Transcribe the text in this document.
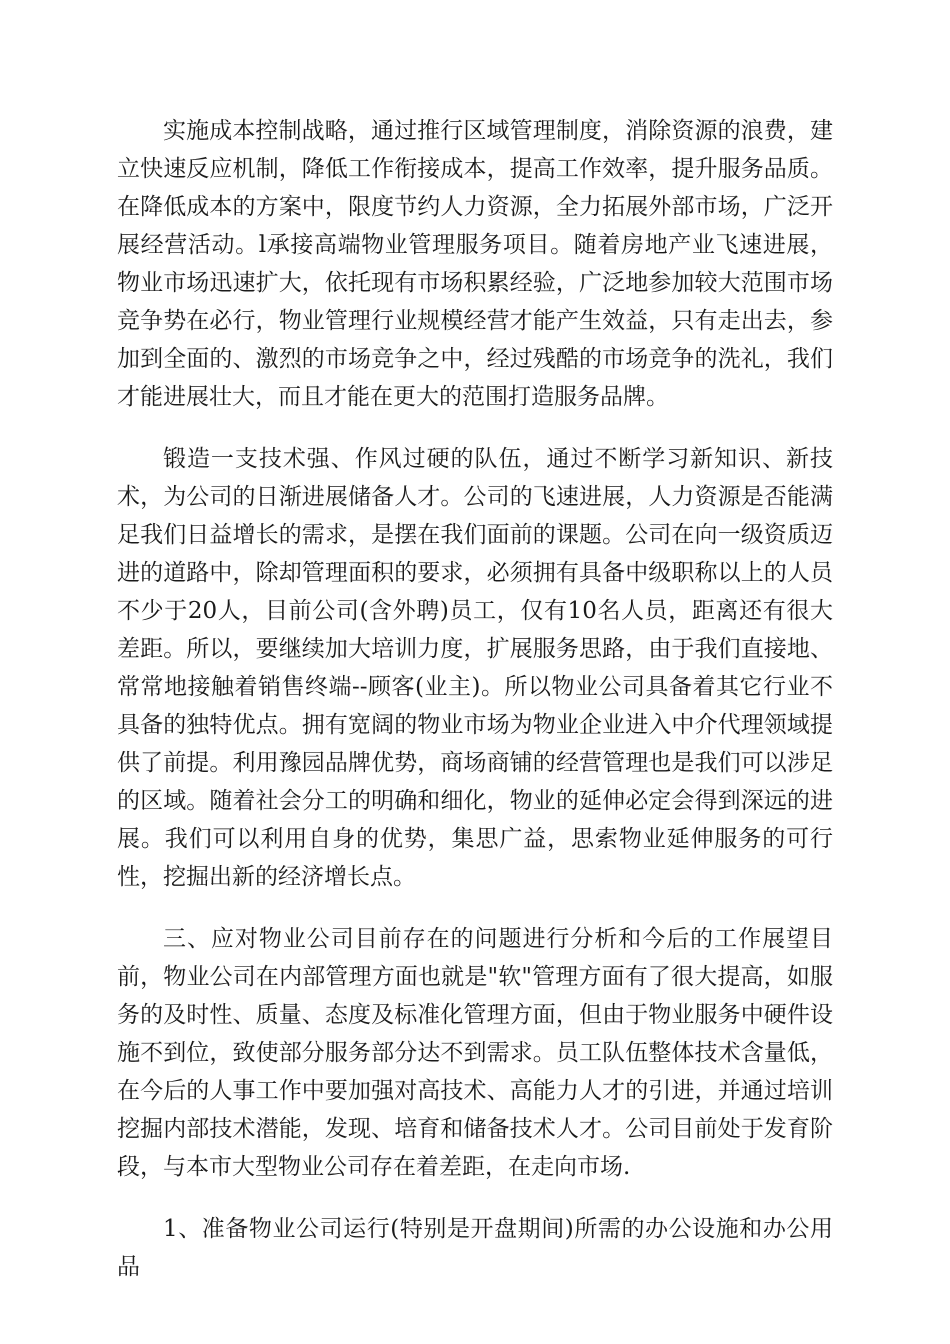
实施成本控制战略，通过推行区域管理制度，消除资源的浪费，建立快速反应机制，降低工作衔接成本，提高工作效率，提升服务品质。在降低成本的方案中，限度节约人力资源，全力拓展外部市场，广泛开展经营活动。l承接高端物业管理服务项目。随着房地产业飞速进展，物业市场迅速扩大，依托现有市场积累经验，广泛地参加较大范围市场竞争势在必行，物业管理行业规模经营才能产生效益，只有走出去，参加到全面的、激烈的市场竞争之中，经过残酷的市场竞争的洗礼，我们才能进展壮大，而且才能在更大的范围打造服务品牌。

锻造一支技术强、作风过硬的队伍，通过不断学习新知识、新技术，为公司的日渐进展储备人才。公司的飞速进展，人力资源是否能满足我们日益增长的需求，是摆在我们面前的课题。公司在向一级资质迈进的道路中，除却管理面积的要求，必须拥有具备中级职称以上的人员不少于20人，目前公司(含外聘)员工，仅有10名人员，距离还有很大差距。所以，要继续加大培训力度，扩展服务思路，由于我们直接地、常常地接触着销售终端--顾客(业主)。所以物业公司具备着其它行业不具备的独特优点。拥有宽阔的物业市场为物业企业进入中介代理领域提供了前提。利用豫园品牌优势，商场商铺的经营管理也是我们可以涉足的区域。随着社会分工的明确和细化，物业的延伸必定会得到深远的进展。我们可以利用自身的优势，集思广益，思索物业延伸服务的可行性，挖掘出新的经济增长点。

三、应对物业公司目前存在的问题进行分析和今后的工作展望目前，物业公司在内部管理方面也就是"软"管理方面有了很大提高，如服务的及时性、质量、态度及标准化管理方面，但由于物业服务中硬件设施不到位，致使部分服务部分达不到需求。员工队伍整体技术含量低，在今后的人事工作中要加强对高技术、高能力人才的引进，并通过培训挖掘内部技术潜能，发现、培育和储备技术人才。公司目前处于发育阶段，与本市大型物业公司存在着差距，在走向市场.

1、准备物业公司运行(特别是开盘期间)所需的办公设施和办公用品
